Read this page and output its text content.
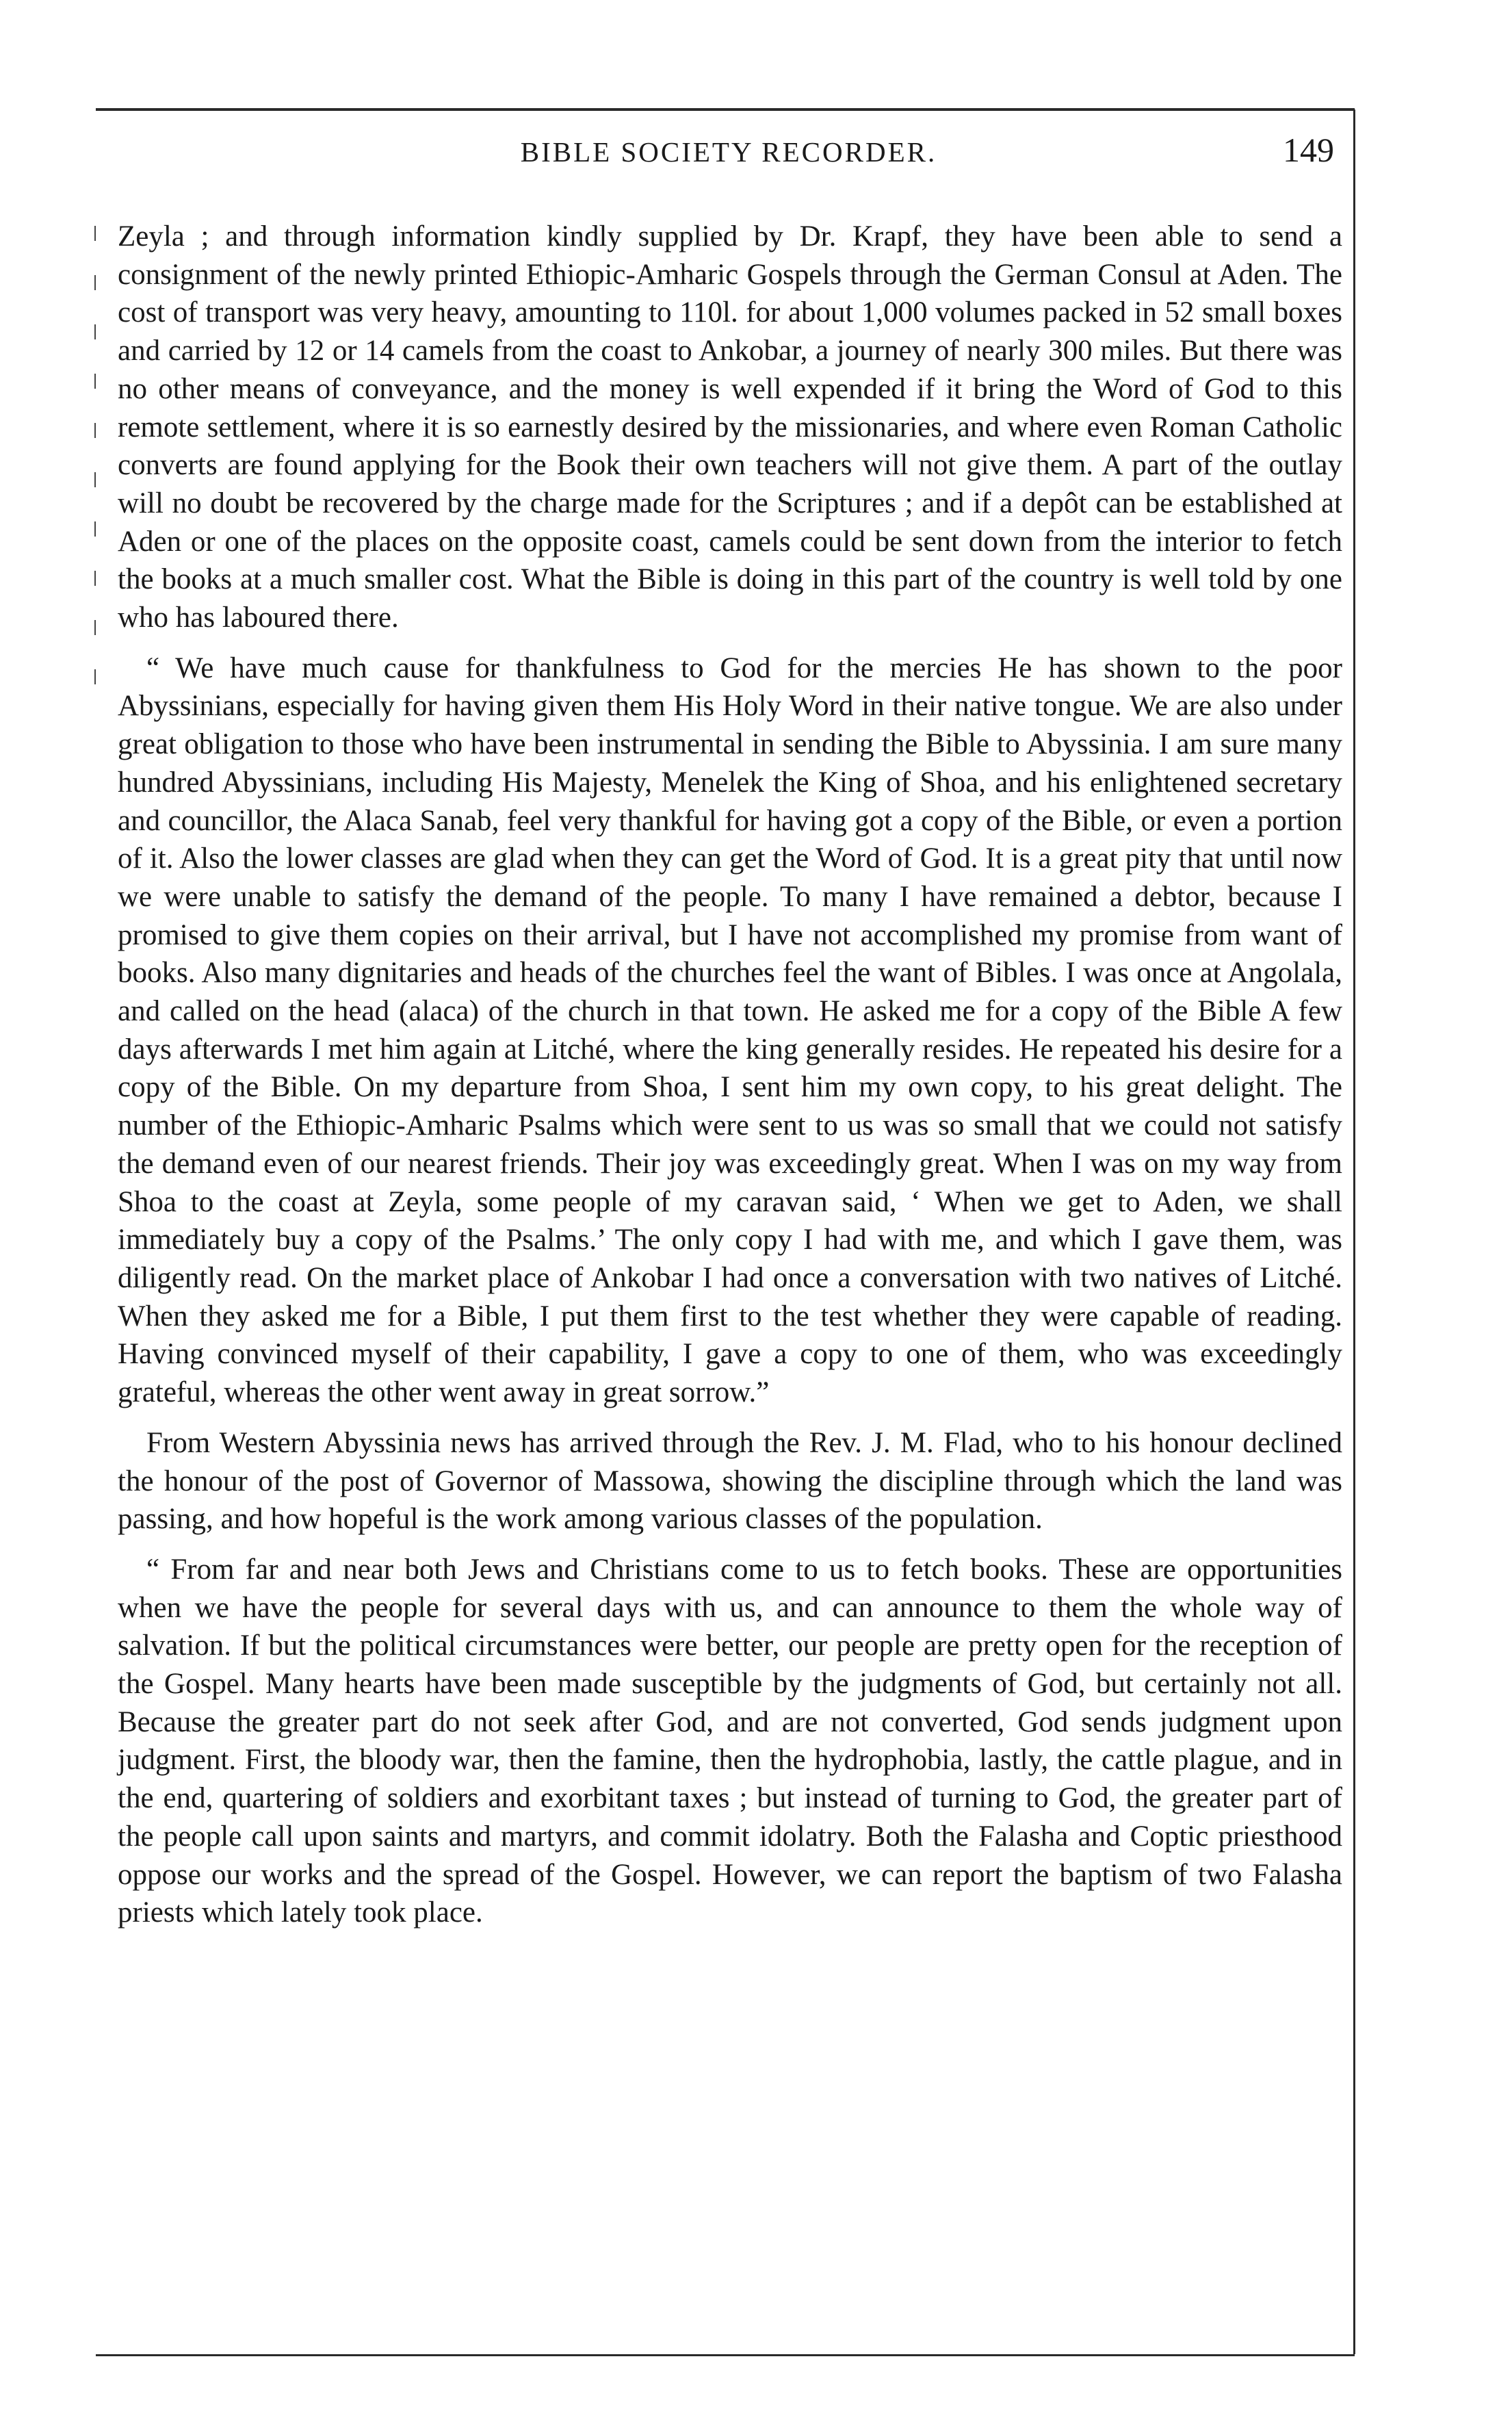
BIBLE SOCIETY RECORDER.	149

Zeyla ; and through information kindly supplied by Dr. Krapf, they have been able to send a consignment of the newly printed Ethiopic-Amharic Gospels through the German Consul at Aden. The cost of transport was very heavy, amounting to 110l. for about 1,000 volumes packed in 52 small boxes and carried by 12 or 14 camels from the coast to Ankobar, a journey of nearly 300 miles. But there was no other means of conveyance, and the money is well expended if it bring the Word of God to this remote settlement, where it is so earnestly desired by the missionaries, and where even Roman Catholic converts are found applying for the Book their own teachers will not give them. A part of the outlay will no doubt be recovered by the charge made for the Scriptures ; and if a depôt can be established at Aden or one of the places on the opposite coast, camels could be sent down from the interior to fetch the books at a much smaller cost. What the Bible is doing in this part of the country is well told by one who has laboured there.

“ We have much cause for thankfulness to God for the mercies He has shown to the poor Abyssinians, especially for having given them His Holy Word in their native tongue. We are also under great obligation to those who have been instrumental in sending the Bible to Abyssinia. I am sure many hundred Abyssinians, including His Majesty, Menelek the King of Shoa, and his enlightened secretary and councillor, the Alaca Sanab, feel very thankful for having got a copy of the Bible, or even a portion of it. Also the lower classes are glad when they can get the Word of God. It is a great pity that until now we were unable to satisfy the demand of the people. To many I have remained a debtor, because I promised to give them copies on their arrival, but I have not accomplished my promise from want of books. Also many dignitaries and heads of the churches feel the want of Bibles. I was once at Angolala, and called on the head (alaca) of the church in that town. He asked me for a copy of the Bible A few days afterwards I met him again at Litché, where the king generally resides. He repeated his desire for a copy of the Bible. On my departure from Shoa, I sent him my own copy, to his great delight. The number of the Ethiopic-Amharic Psalms which were sent to us was so small that we could not satisfy the demand even of our nearest friends. Their joy was exceedingly great. When I was on my way from Shoa to the coast at Zeyla, some people of my caravan said, ‘ When we get to Aden, we shall immediately buy a copy of the Psalms.’ The only copy I had with me, and which I gave them, was diligently read. On the market place of Ankobar I had once a conversation with two natives of Litché. When they asked me for a Bible, I put them first to the test whether they were capable of reading. Having convinced myself of their capability, I gave a copy to one of them, who was exceedingly grateful, whereas the other went away in great sorrow.”

From Western Abyssinia news has arrived through the Rev. J. M. Flad, who to his honour declined the honour of the post of Governor of Massowa, showing the discipline through which the land was passing, and how hopeful is the work among various classes of the population.

“ From far and near both Jews and Christians come to us to fetch books. These are opportunities when we have the people for several days with us, and can announce to them the whole way of salvation. If but the political circumstances were better, our people are pretty open for the reception of the Gospel. Many hearts have been made susceptible by the judgments of God, but certainly not all. Because the greater part do not seek after God, and are not converted, God sends judgment upon judgment. First, the bloody war, then the famine, then the hydrophobia, lastly, the cattle plague, and in the end, quartering of soldiers and exorbitant taxes ; but instead of turning to God, the greater part of the people call upon saints and martyrs, and commit idolatry. Both the Falasha and Coptic priesthood oppose our works and the spread of the Gospel. However, we can report the baptism of two Falasha priests which lately took place.
